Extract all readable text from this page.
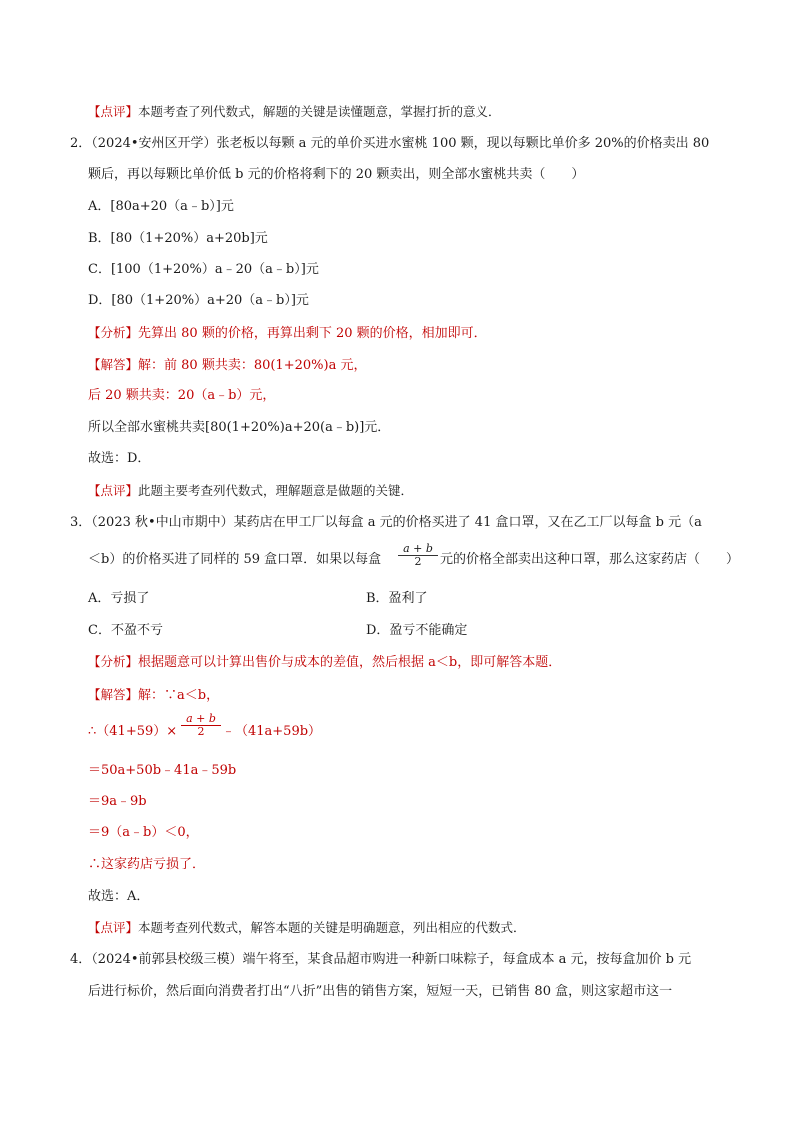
【点评】本题考查了列代数式，解题的关键是读懂题意，掌握打折的意义．
2．（2024•安州区开学）张老板以每颗 a 元的单价买进水蜜桃 100 颗，现以每颗比单价多 20%的价格卖出 80
颗后，再以每颗比单价低 b 元的价格将剩下的 20 颗卖出，则全部水蜜桃共卖（　　）
A．[80a+20（a﹣b）]元
B．[80（1+20%）a+20b]元
C．[100（1+20%）a﹣20（a﹣b）]元
D．[80（1+20%）a+20（a﹣b）]元
【分析】先算出 80 颗的价格，再算出剩下 20 颗的价格，相加即可．
【解答】解：前 80 颗共卖：80(1+20%)a 元，
后 20 颗共卖：20（a﹣b）元，
所以全部水蜜桃共卖[80(1+20%)a+20(a﹣b)]元．
故选：D．
【点评】此题主要考查列代数式，理解题意是做题的关键．
3．（2023 秋•中山市期中）某药店在甲工厂以每盒 a 元的价格买进了 41 盒口罩，又在乙工厂以每盒 b 元（a
＜b）的价格买进了同样的 59 盒口罩．如果以每盒 $\frac{a + b}{2}$ 元的价格全部卖出这种口罩，那么这家药店（　　）
A．亏损了	B．盈利了
C．不盈不亏	D．盈亏不能确定
【分析】根据题意可以计算出售价与成本的差值，然后根据 a＜b，即可解答本题．
【解答】解：∵a＜b，
∴（41+59）× $\frac{a + b}{2}$ ﹣（41a+59b）
＝50a+50b﹣41a﹣59b
＝9a﹣9b
＝9（a﹣b）＜0，
∴这家药店亏损了．
故选：A．
【点评】本题考查列代数式，解答本题的关键是明确题意，列出相应的代数式．
4．（2024•前郭县校级三模）端午将至，某食品超市购进一种新口味粽子，每盒成本 a 元，按每盒加价 b 元
后进行标价，然后面向消费者打出“八折”出售的销售方案，短短一天，已销售 80 盒，则这家超市这一
